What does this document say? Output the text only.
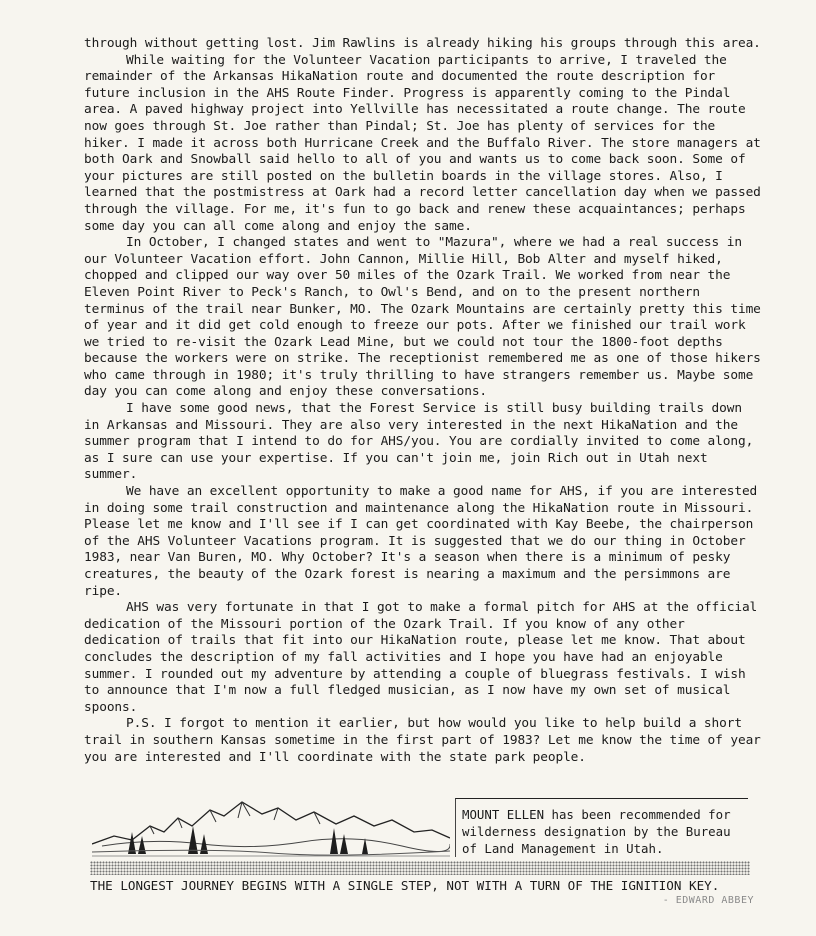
through without getting lost. Jim Rawlins is already hiking his groups through this area.

While waiting for the Volunteer Vacation participants to arrive, I traveled the remainder of the Arkansas HikaNation route and documented the route description for future inclusion in the AHS Route Finder. Progress is apparently coming to the Pindal area. A paved highway project into Yellville has necessitated a route change. The route now goes through St. Joe rather than Pindal; St. Joe has plenty of services for the hiker. I made it across both Hurricane Creek and the Buffalo River. The store managers at both Oark and Snowball said hello to all of you and wants us to come back soon. Some of your pictures are still posted on the bulletin boards in the village stores. Also, I learned that the postmistress at Oark had a record letter cancellation day when we passed through the village. For me, it's fun to go back and renew these acquaintances; perhaps some day you can all come along and enjoy the same.

In October, I changed states and went to "Mazura", where we had a real success in our Volunteer Vacation effort. John Cannon, Millie Hill, Bob Alter and myself hiked, chopped and clipped our way over 50 miles of the Ozark Trail. We worked from near the Eleven Point River to Peck's Ranch, to Owl's Bend, and on to the present northern terminus of the trail near Bunker, MO. The Ozark Mountains are certainly pretty this time of year and it did get cold enough to freeze our pots. After we finished our trail work we tried to re-visit the Ozark Lead Mine, but we could not tour the 1800-foot depths because the workers were on strike. The receptionist remembered me as one of those hikers who came through in 1980; it's truly thrilling to have strangers remember us. Maybe some day you can come along and enjoy these conversations.

I have some good news, that the Forest Service is still busy building trails down in Arkansas and Missouri. They are also very interested in the next HikaNation and the summer program that I intend to do for AHS/you. You are cordially invited to come along, as I sure can use your expertise. If you can't join me, join Rich out in Utah next summer.

We have an excellent opportunity to make a good name for AHS, if you are interested in doing some trail construction and maintenance along the HikaNation route in Missouri. Please let me know and I'll see if I can get coordinated with Kay Beebe, the chairperson of the AHS Volunteer Vacations program. It is suggested that we do our thing in October 1983, near Van Buren, MO. Why October? It's a season when there is a minimum of pesky creatures, the beauty of the Ozark forest is nearing a maximum and the persimmons are ripe.

AHS was very fortunate in that I got to make a formal pitch for AHS at the official dedication of the Missouri portion of the Ozark Trail. If you know of any other dedication of trails that fit into our HikaNation route, please let me know. That about concludes the description of my fall activities and I hope you have had an enjoyable summer. I rounded out my adventure by attending a couple of bluegrass festivals. I wish to announce that I'm now a full fledged musician, as I now have my own set of musical spoons.

P.S. I forgot to mention it earlier, but how would you like to help build a short trail in southern Kansas sometime in the first part of 1983? Let me know the time of year you are interested and I'll coordinate with the state park people.

MOUNT ELLEN has been recommended for wilderness designation by the Bureau of Land Management in Utah.
THE LONGEST JOURNEY BEGINS WITH A SINGLE STEP, NOT WITH A TURN OF THE IGNITION KEY.
- EDWARD ABBEY
